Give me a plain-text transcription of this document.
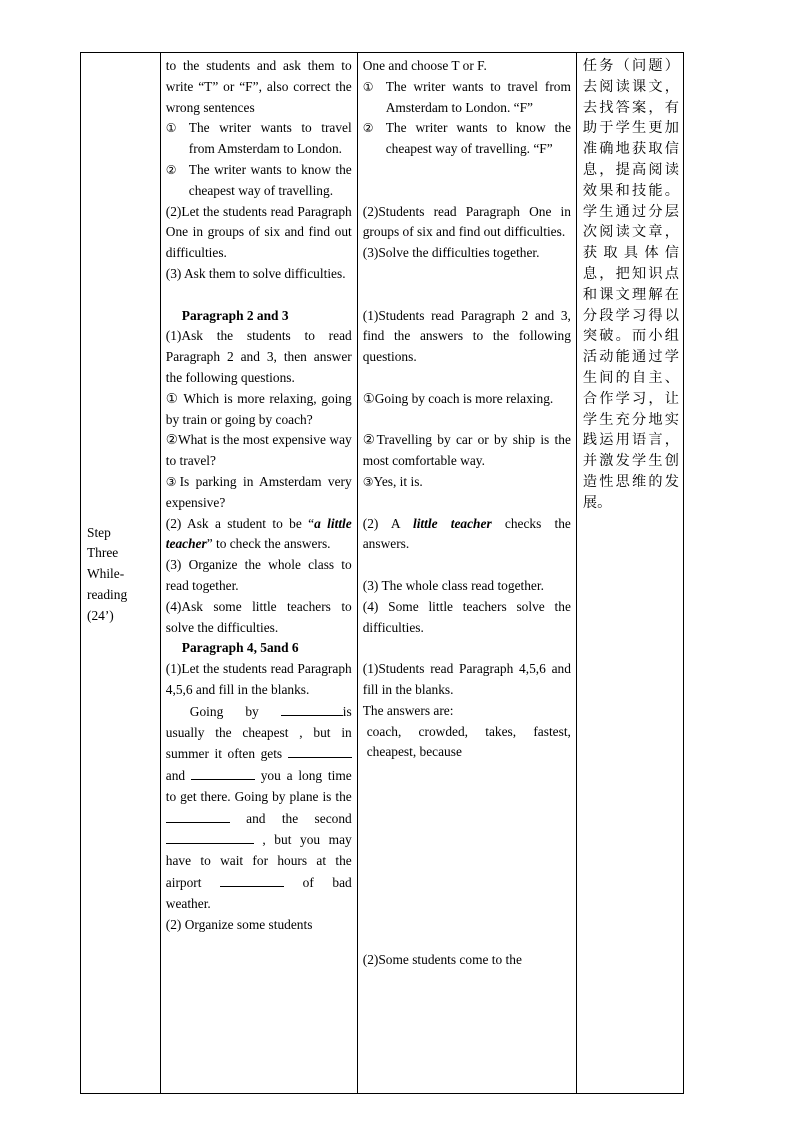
Step
Three
While-
reading
(24’)

to the students and ask them to write “T” or “F”, also correct the wrong sentences
① The writer wants to travel from Amsterdam to London.
② The writer wants to know the cheapest way of travelling.
(2)Let the students read Paragraph One in groups of six and find out difficulties.
(3) Ask them to solve difficulties.
Paragraph 2 and 3
(1)Ask the students to read Paragraph 2 and 3, then answer the following questions.
① Which is more relaxing, going by train or going by coach?
②What is the most expensive way to travel?
③Is parking in Amsterdam very expensive?
(2) Ask a student to be “a little teacher” to check the answers.
(3) Organize the whole class to read together.
(4)Ask some little teachers to solve the difficulties.
Paragraph 4, 5and 6
(1)Let the students read Paragraph 4,5,6 and fill in the blanks.
Going by	is usually the cheapest , but in summer it often gets  and	you a long time to get there. Going by plane is the  and the second  , but you may have to wait for hours at the airport	of bad weather.
(2) Organize some students

One and choose T or F.
① The writer wants to travel from Amsterdam to London. “F”
② The writer wants to know the cheapest way of travelling. “F”
(2)Students read Paragraph One in groups of six and find out difficulties.
(3)Solve the difficulties together.
(1)Students read Paragraph 2 and 3, find the answers to the following questions.
①Going by coach is more relaxing.
②Travelling by car or by ship is the most comfortable way.
③Yes, it is.
(2) A little teacher checks the answers.
(3) The whole class read together.
(4) Some little teachers solve the difficulties.
(1)Students read Paragraph 4,5,6 and fill in the blanks.
The answers are:
coach, crowded, takes, fastest, cheapest, because
(2)Some students come to the

任务（问题）去阅读课文，去找答案，有助于学生更加准确地获取信息，提高阅读效果和技能。学生通过分层次阅读文章，获取具体信息，把知识点和课文理解在分段学习得以突破。而小组活动能通过学生间的自主、合作学习，让学生充分地实践运用语言，并激发学生创造性思维的发展。
